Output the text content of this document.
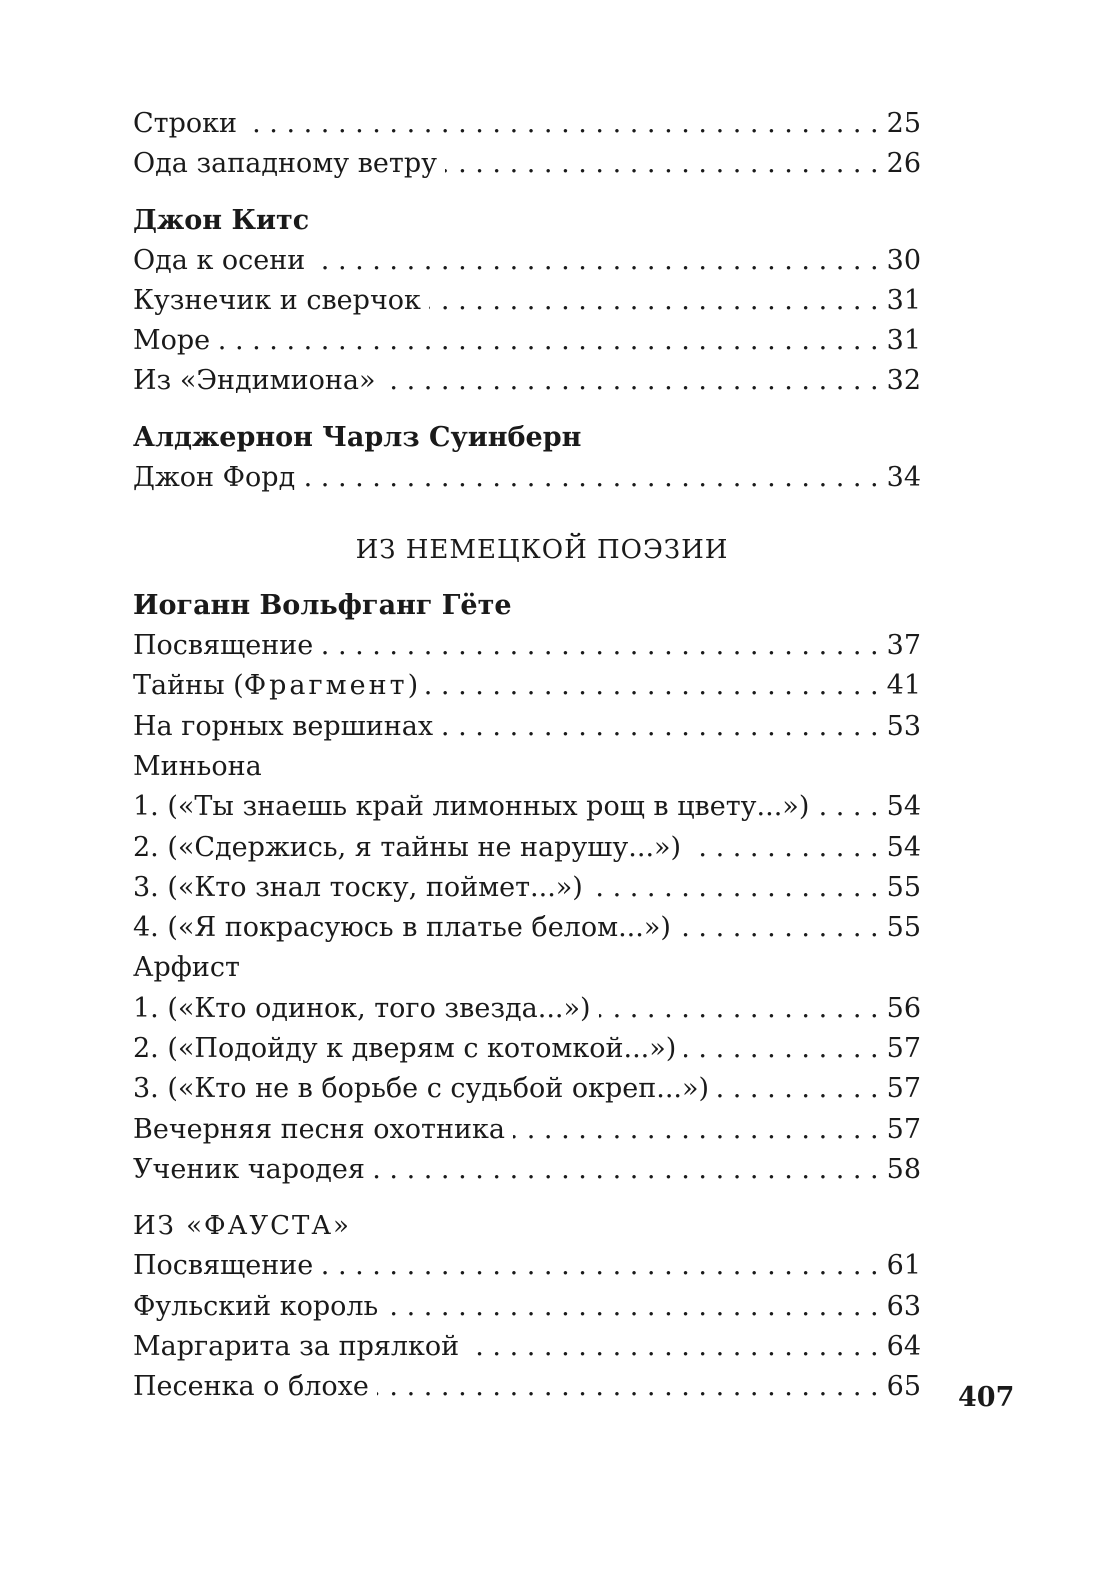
Строки . . .	25
Ода западному ветру . . .	26
Джон Китс
Ода к осени . . .	30
Кузнечик и сверчок . . .	31
Море . . .	31
Из «Эндимиона» . . .	32
Алджернон Чарлз Суинберн
Джон Форд . . .	34
ИЗ НЕМЕЦКОЙ ПОЭЗИИ
Иоганн Вольфганг Гёте
Посвящение . . .	37
Тайны (Фрагмент) . . .	41
На горных вершинах . . .	53
Миньона
1. («Ты знаешь край лимонных рощ в цвету...») . . .	54
2. («Сдержись, я тайны не нарушу...») . . .	54
3. («Кто знал тоску, поймет...») . . .	55
4. («Я покрасуюсь в платье белом...») . . .	55
Арфист
1. («Кто одинок, того звезда...») . . .	56
2. («Подойду к дверям с котомкой...») . . .	57
3. («Кто не в борьбе с судьбой окреп...») . . .	57
Вечерняя песня охотника . . .	57
Ученик чародея . . .	58
ИЗ «ФАУСТА»
Посвящение . . .	61
Фульский король . . .	63
Маргарита за прялкой . . .	64
Песенка о блохе . . .	65 407
